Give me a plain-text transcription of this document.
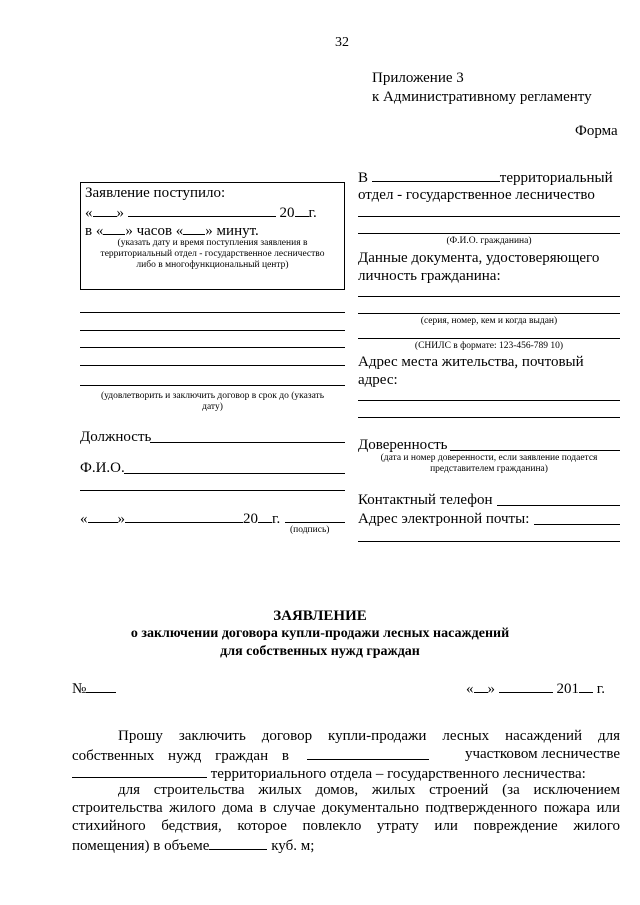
32
Приложение 3
к Административному регламенту
Форма
Заявление поступило:
« »	20 г.
в « » часов « » минут.
(указать дату и время поступления заявления в
территориальный отдел - государственное лесничество
либо в многофункциональный центр)
(удовлетворить и заключить договор в срок до (указать
дату)
Должность
Ф.И.О.
« »	20 г.
(подпись)
В	территориальный
отдел - государственное лесничество
(Ф.И.О. гражданина)
Данные документа, удостоверяющего
личность гражданина:
(серия, номер, кем и когда выдан)
(СНИЛС в формате: 123-456-789 10)
Адрес места жительства, почтовый
адрес:
Доверенность
(дата и номер доверенности, если заявление подается
представителем гражданина)
Контактный телефон
Адрес электронной почты:
ЗАЯВЛЕНИЕ
о заключении договора купли-продажи лесных насаждений
для собственных нужд граждан
№	« »	201 г.
Прошу заключить договор купли-продажи лесных насаждений для
собственных нужд граждан в	участковом лесничестве
территориального отдела – государственного лесничества:
для строительства жилых домов, жилых строений (за исключением
строительства жилого дома в случае документально подтвержденного пожара или
стихийного бедствия, которое повлекло утрату или повреждение жилого
помещения) в объеме	куб. м;
